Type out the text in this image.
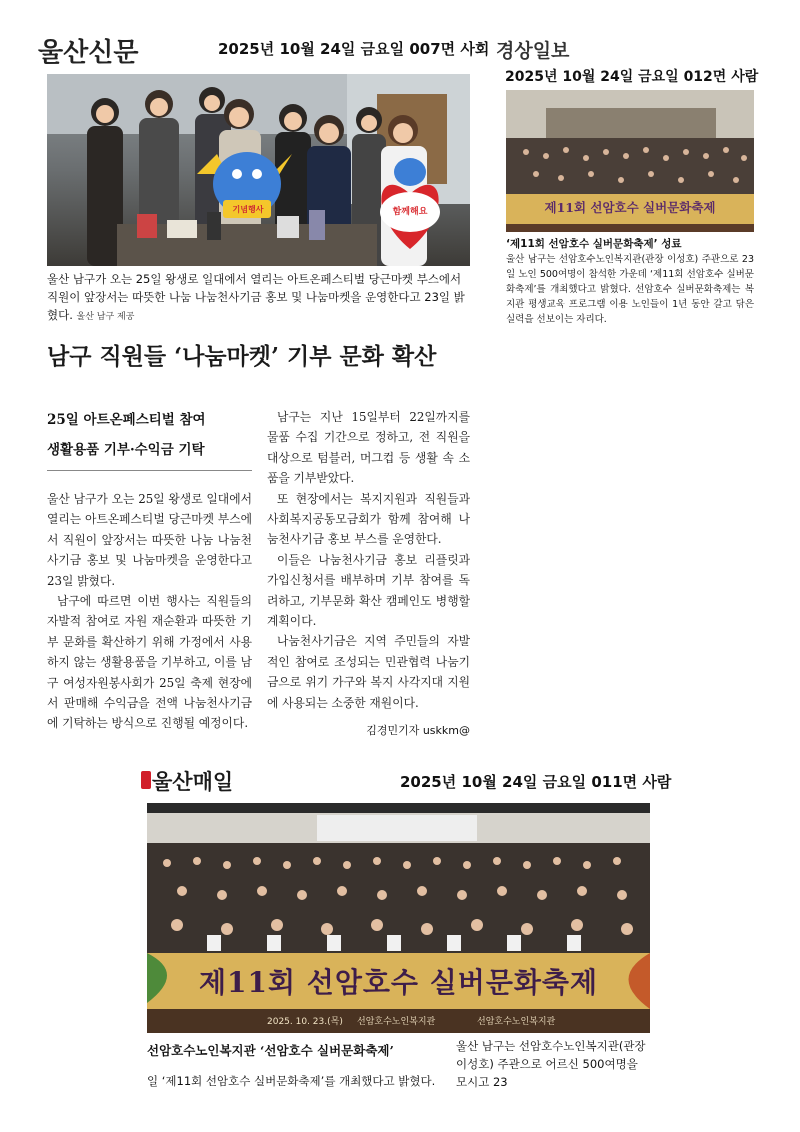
울산신문	2025년 10월 24일 금요일 007면 사회
기념행사	함께해요
울산 남구가 오는 25일 왕생로 일대에서 열리는 아트온페스티벌 당근마켓 부스에서 직원이 앞장서는 따뜻한 나눔 나눔천사기금 홍보 및 나눔마켓을 운영한다고 23일 밝혔다. 울산 남구 제공
남구 직원들 ‘나눔마켓’ 기부 문화 확산
25일 아트온페스티벌 참여
생활용품 기부·수익금 기탁

울산 남구가 오는 25일 왕생로 일대에서 열리는 아트온페스티벌 당근마켓 부스에서 직원이 앞장서는 따뜻한 나눔 나눔천사기금 홍보 및 나눔마켓을 운영한다고 23일 밝혔다.

남구에 따르면 이번 행사는 직원들의 자발적 참여로 자원 재순환과 따뜻한 기부 문화를 확산하기 위해 가정에서 사용하지 않는 생활용품을 기부하고, 이를 남구 여성자원봉사회가 25일 축제 현장에서 판매해 수익금을 전액 나눔천사기금에 기탁하는 방식으로 진행될 예정이다.

남구는 지난 15일부터 22일까지를 물품 수집 기간으로 정하고, 전 직원을 대상으로 텀블러, 머그컵 등 생활 속 소품을 기부받았다.

또 현장에서는 복지지원과 직원들과 사회복지공동모금회가 함께 참여해 나눔천사기금 홍보 부스를 운영한다.

이들은 나눔천사기금 홍보 리플릿과 가입신청서를 배부하며 기부 참여를 독려하고, 기부문화 확산 캠페인도 병행할 계획이다.

나눔천사기금은 지역 주민들의 자발적인 참여로 조성되는 민관협력 나눔기금으로 위기 가구와 복지 사각지대 지원에 사용되는 소중한 재원이다.

김경민기자 uskkm@
경상일보
2025년 10월 24일 금요일 012면 사람
제11회 선암호수 실버문화축제
‘제11회 선암호수 실버문화축제’ 성료
울산 남구는 선암호수노인복지관(관장 이성호) 주관으로 23일 노인 500여명이 참석한 가운데 ‘제11회 선암호수 실버문화축제’를 개최했다고 밝혔다. 선암호수 실버문화축제는 복지관 평생교육 프로그램 이용 노인들이 1년 동안 갈고 닦은 실력을 선보이는 자리다.
울산매일	2025년 10월 24일 금요일 011면 사람
제11회 선암호수 실버문화축제
2025. 10. 23.(목) 선암호수노인복지관	선암호수노인복지관
선암호수노인복지관 ‘선암호수 실버문화축제’	울산 남구는 선암호수노인복지관(관장 이성호) 주관으로 어르신 500여명을 모시고 23
일 ‘제11회 선암호수 실버문화축제’를 개최했다고 밝혔다.
